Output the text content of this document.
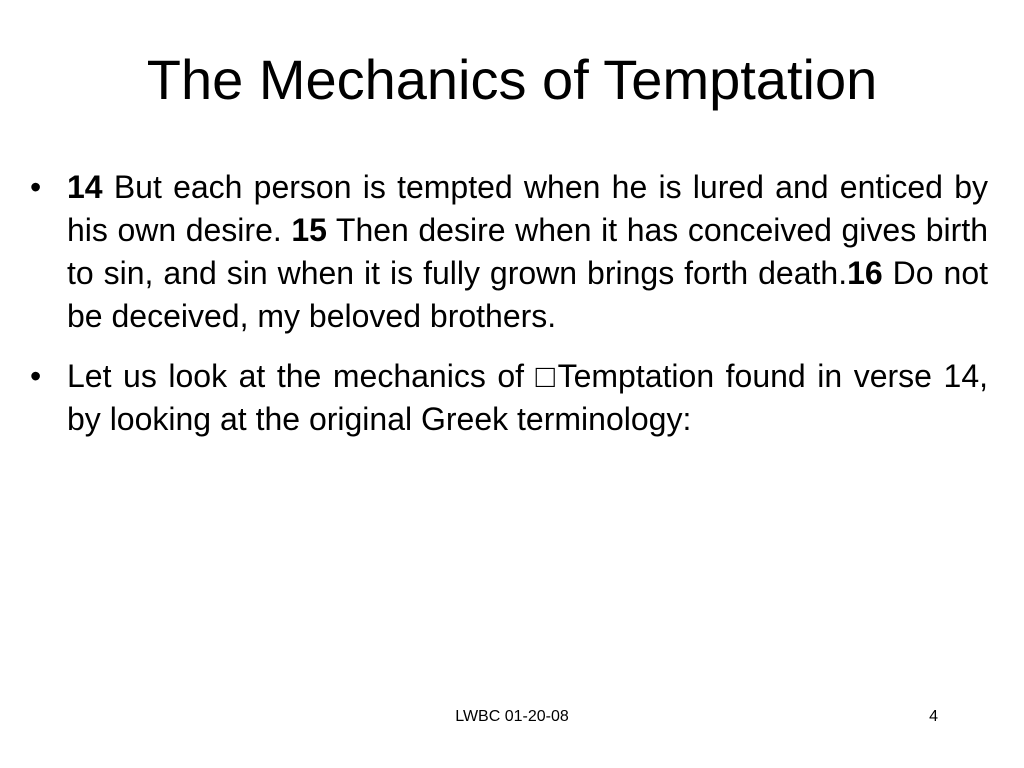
The Mechanics of Temptation
• 14 But each person is tempted when he is lured and enticed by his own desire. 15 Then desire when it has conceived gives birth to sin, and sin when it is fully grown brings forth death.16 Do not be deceived, my beloved brothers.
• Let us look at the mechanics of □Temptation found in verse 14, by looking at the original Greek terminology:
LWBC 01-20-08	4
